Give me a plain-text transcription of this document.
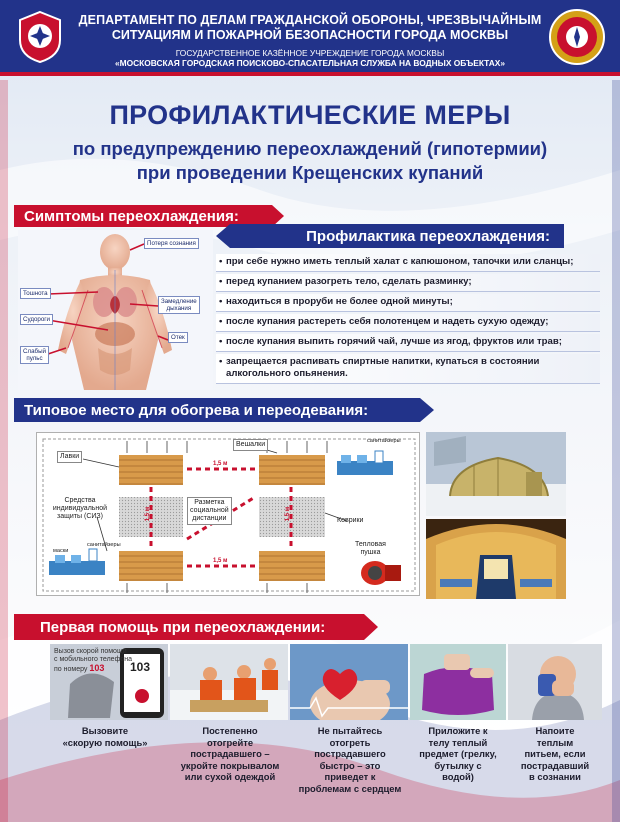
ДЕПАРТАМЕНТ ПО ДЕЛАМ ГРАЖДАНСКОЙ ОБОРОНЫ, ЧРЕЗВЫЧАЙНЫМ
СИТУАЦИЯМ И ПОЖАРНОЙ БЕЗОПАСНОСТИ ГОРОДА МОСКВЫ
ГОСУДАРСТВЕННОЕ КАЗЁННОЕ УЧРЕЖДЕНИЕ ГОРОДА МОСКВЫ
«МОСКОВСКАЯ ГОРОДСКАЯ ПОИСКОВО-СПАСАТЕЛЬНАЯ СЛУЖБА НА ВОДНЫХ ОБЪЕКТАХ»
ПРОФИЛАКТИЧЕСКИЕ МЕРЫ
по предупреждению переохлаждений (гипотермии)
при проведении Крещенских купаний
Симптомы переохлаждения:
Потеря сознания
Тошнота
Замедление
дыхания
Судороги
Отек
Слабый
пульс
Профилактика переохлаждения:
• при себе нужно иметь теплый халат с капюшоном, тапочки или сланцы;
• перед купанием разогреть тело, сделать разминку;
• находиться в проруби не более одной минуты;
• после купания растереть себя полотенцем и надеть сухую одежду;
• после купания выпить горячий чай, лучше из ягод, фруктов или трав;
• запрещается распивать спиртные напитки, купаться в состоянии алкогольного опьянения.
Типовое место для обогрева и переодевания:
Лавки
Вешалки	санитайзеры
Средства
индивидуальной
защиты (СИЗ)
маски
санитайзеры
Разметка
социальной
дистанции	Коврики
Тепловая
пушка
1,5 м
1,5 м
1,5 м	1,5 м
Первая помощь при переохлаждении:
Вызов скорой помощи
с мобильного телефона
по номеру 103	103
Вызовите
«скорую помощь»
Постепенно
отогрейте
пострадавшего –
укройте покрывалом
или сухой одеждой
Не пытайтесь
отогреть
пострадавшего
быстро – это
приведет к
проблемам с сердцем
Приложите к
телу теплый
предмет (грелку,
бутылку с
водой)
Напоите
теплым
питьем, если
пострадавший
в сознании
